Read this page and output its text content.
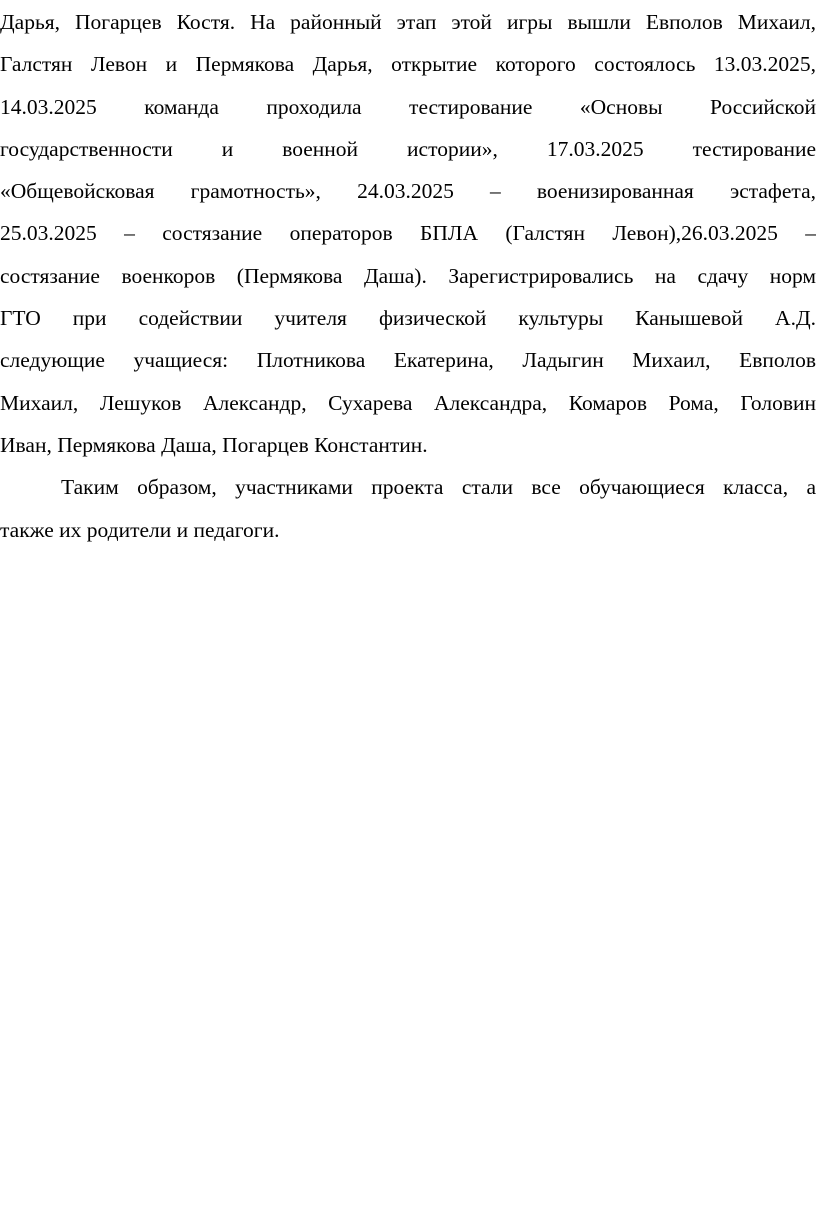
Дарья, Погарцев Костя. На районный этап этой игры вышли Евполов Михаил,
Галстян Левон и Пермякова Дарья, открытие которого состоялось 13.03.2025,
14.03.2025 команда проходила тестирование «Основы Российской
государственности и военной истории», 17.03.2025 тестирование
«Общевойсковая грамотность», 24.03.2025 – военизированная эстафета,
25.03.2025 – состязание операторов БПЛА (Галстян Левон),26.03.2025 –
состязание военкоров (Пермякова Даша). Зарегистрировались на сдачу норм
ГТО при содействии учителя физической культуры Канышевой А.Д.
следующие учащиеся: Плотникова Екатерина, Ладыгин Михаил, Евполов
Михаил, Лешуков Александр, Сухарева Александра, Комаров Рома, Головин
Иван, Пермякова Даша, Погарцев Константин.

Таким образом, участниками проекта стали все обучающиеся класса, а
также их родители и педагоги.
